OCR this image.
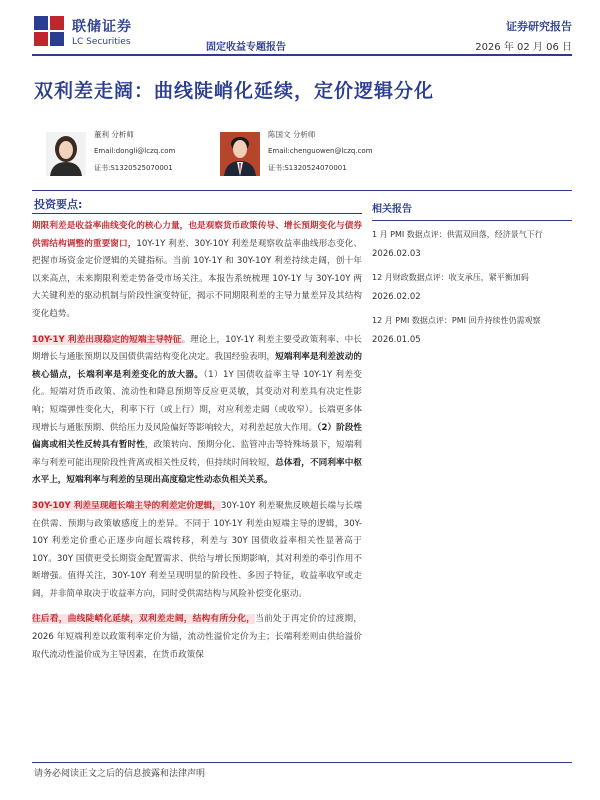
联储证券
LC Securities
固定收益专题报告
证券研究报告
2026 年 02 月 06 日
双利差走阔：曲线陡峭化延续，定价逻辑分化
董利 分析师
Email:dongli@lczq.com
证书:S1320525070001
陈国文 分析师
Email:chenguowen@lczq.com
证书:S1320524070001
投资要点:

期限利差是收益率曲线变化的核心力量，也是观察货币政策传导、增长预期变化与债券供需结构调整的重要窗口，10Y-1Y 利差、30Y-10Y 利差是观察收益率曲线形态变化、把握市场资金定价逻辑的关键指标。当前 10Y-1Y 和 30Y-10Y 利差持续走阔，创十年以来高点，未来期限利差走势备受市场关注。本报告系统梳理 10Y-1Y 与 30Y-10Y 两大关键利差的驱动机制与阶段性演变特征，揭示不同期限利差的主导力量差异及其结构变化趋势。

10Y-1Y 利差出现稳定的短端主导特征。理论上，10Y-1Y 利差主要受政策利率、中长期增长与通胀预期以及国债供需结构变化决定。我国经验表明，短端利率是利差波动的核心锚点，长端利率是利差变化的放大器。（1）1Y 国债收益率主导 10Y-1Y 利差变化。短端对货币政策、流动性和降息预期等反应更灵敏，其变动对利差具有决定性影响；短端弹性变化大，利率下行（或上行）期，对应利差走阔（或收窄）。长端更多体现增长与通胀预期、供给压力及风险偏好等影响较大，对利差起放大作用。（2）阶段性偏离或相关性反转具有暂时性，政策转向、预期分化、监管冲击等特殊场景下，短端利率与利差可能出现阶段性背离或相关性反转，但持续时间较短，总体看，不同利率中枢水平上，短端利率与利差的呈现出高度稳定性动态负相关关系。

30Y-10Y 利差呈现超长端主导的利差定价逻辑，30Y-10Y 利差聚焦反映超长端与长端在供需、预期与政策敏感度上的差异。不同于 10Y-1Y 利差由短端主导的逻辑，30Y-10Y 利差定价重心正逐步向超长端转移，利差与 30Y 国债收益率相关性显著高于 10Y。30Y 国债更受长期资金配置需求、供给与增长预期影响，其对利差的牵引作用不断增强。值得关注，30Y-10Y 利差呈现明显的阶段性、多因子特征，收益率收窄或走阔，并非简单取决于收益率方向，同时受供需结构与风险补偿变化驱动。

往后看，曲线陡峭化延续，双利差走阔，结构有所分化，当前处于再定价的过渡期，2026 年短端利差以政策利率定价为锚，流动性溢价定价为主；长端利差则由供给溢价取代流动性溢价成为主导因素，在货币政策保

相关报告
1 月 PMI 数据点评：供需双回落，经济景气下行
2026.02.03
12 月财政数据点评：收支承压，紧平衡加码
2026.02.02
12 月 PMI 数据点评：PMI 回升持续性仍需观察
2026.01.05
请务必阅读正文之后的信息披露和法律声明
